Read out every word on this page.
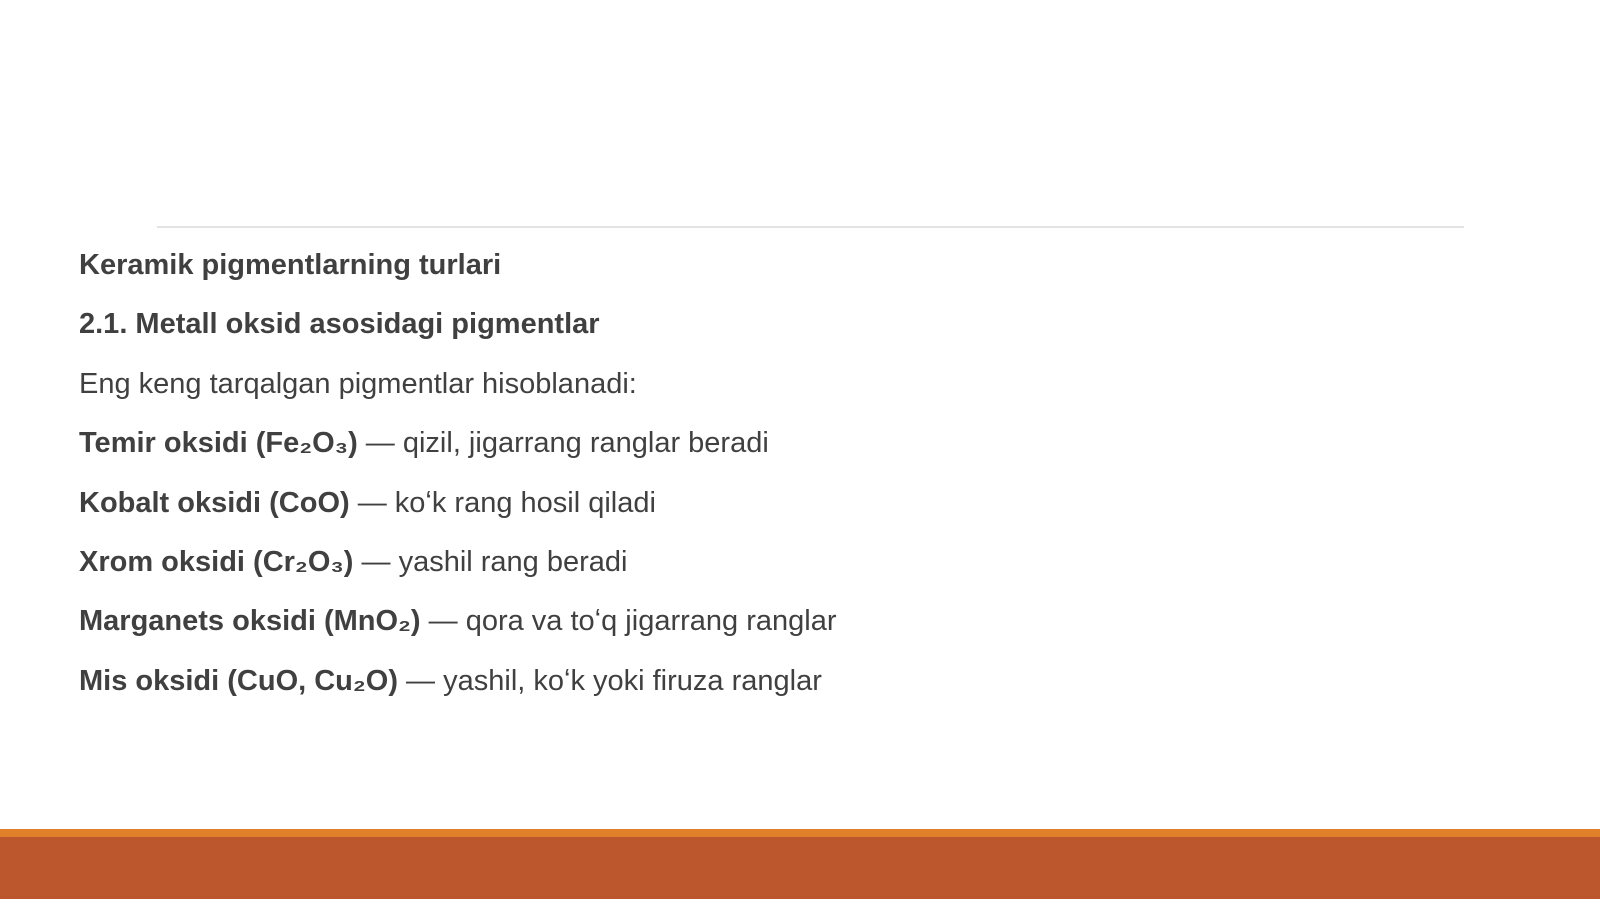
Keramik pigmentlarning turlari
2.1. Metall oksid asosidagi pigmentlar
Eng keng tarqalgan pigmentlar hisoblanadi:
Temir oksidi (Fe₂O₃) — qizil, jigarrang ranglar beradi
Kobalt oksidi (CoO) — koʻk rang hosil qiladi
Xrom oksidi (Cr₂O₃) — yashil rang beradi
Marganets oksidi (MnO₂) — qora va toʻq jigarrang ranglar
Mis oksidi (CuO, Cu₂O) — yashil, koʻk yoki firuza ranglar
